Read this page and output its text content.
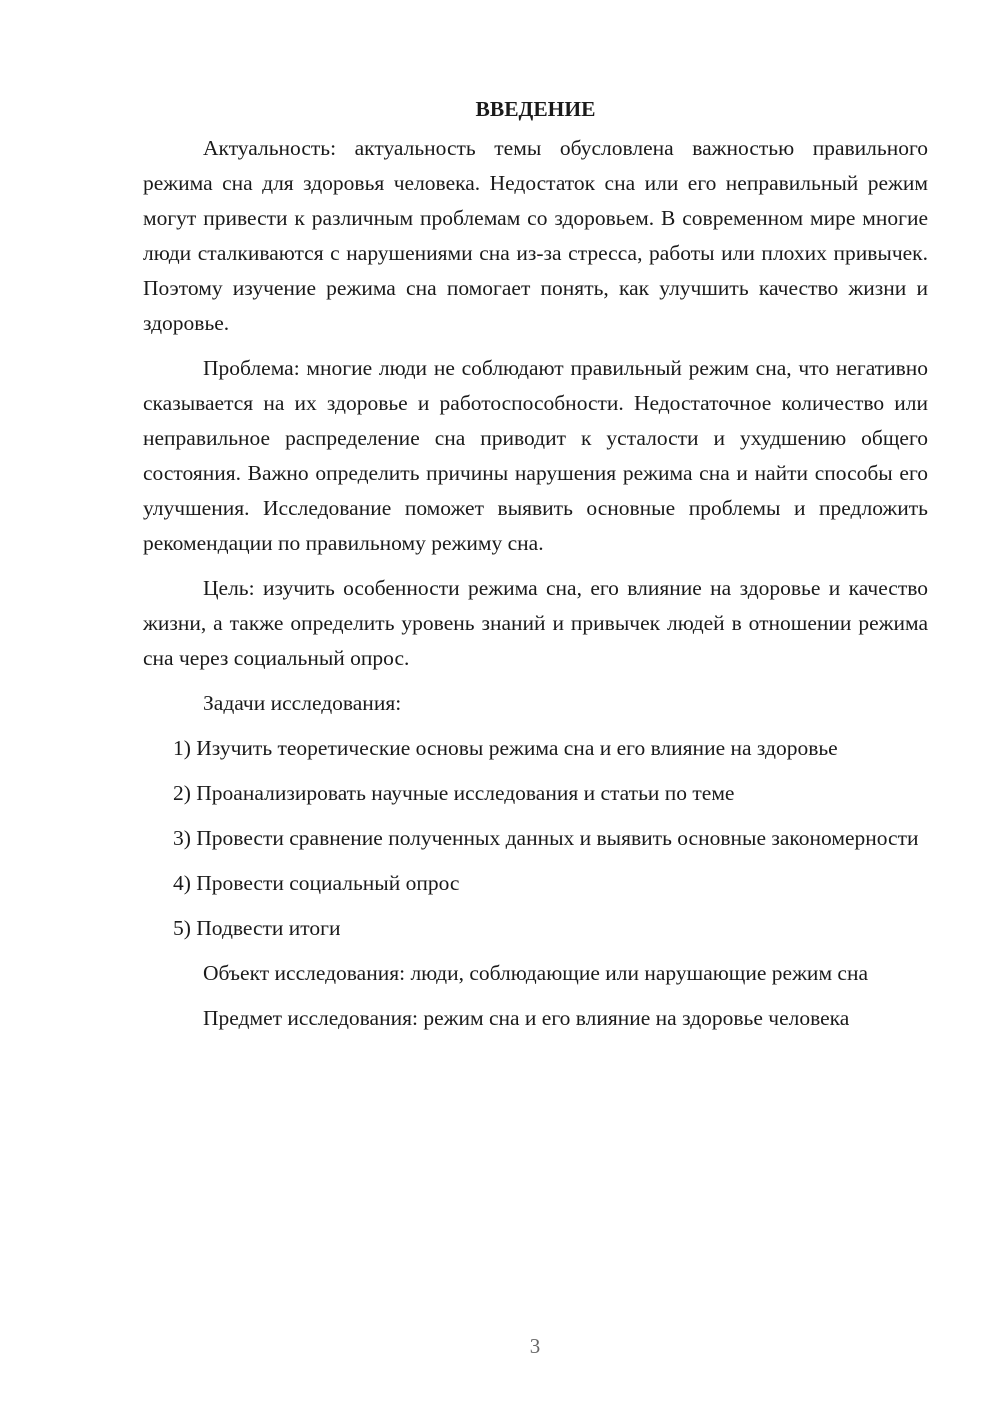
ВВЕДЕНИЕ

Актуальность: актуальность темы обусловлена важностью правильного режима сна для здоровья человека. Недостаток сна или его неправильный режим могут привести к различным проблемам со здоровьем. В современном мире многие люди сталкиваются с нарушениями сна из-за стресса, работы или плохих привычек. Поэтому изучение режима сна помогает понять, как улучшить качество жизни и здоровье.

Проблема: многие люди не соблюдают правильный режим сна, что негативно сказывается на их здоровье и работоспособности. Недостаточное количество или неправильное распределение сна приводит к усталости и ухудшению общего состояния. Важно определить причины нарушения режима сна и найти способы его улучшения. Исследование поможет выявить основные проблемы и предложить рекомендации по правильному режиму сна.

Цель: изучить особенности режима сна, его влияние на здоровье и качество жизни, а также определить уровень знаний и привычек людей в отношении режима сна через социальный опрос.

Задачи исследования:

1) Изучить теоретические основы режима сна и его влияние на здоровье

2) Проанализировать научные исследования и статьи по теме

3) Провести сравнение полученных данных и выявить основные закономерности

4) Провести социальный опрос

5) Подвести итоги

Объект исследования: люди, соблюдающие или нарушающие режим сна

Предмет исследования: режим сна и его влияние на здоровье человека

3
